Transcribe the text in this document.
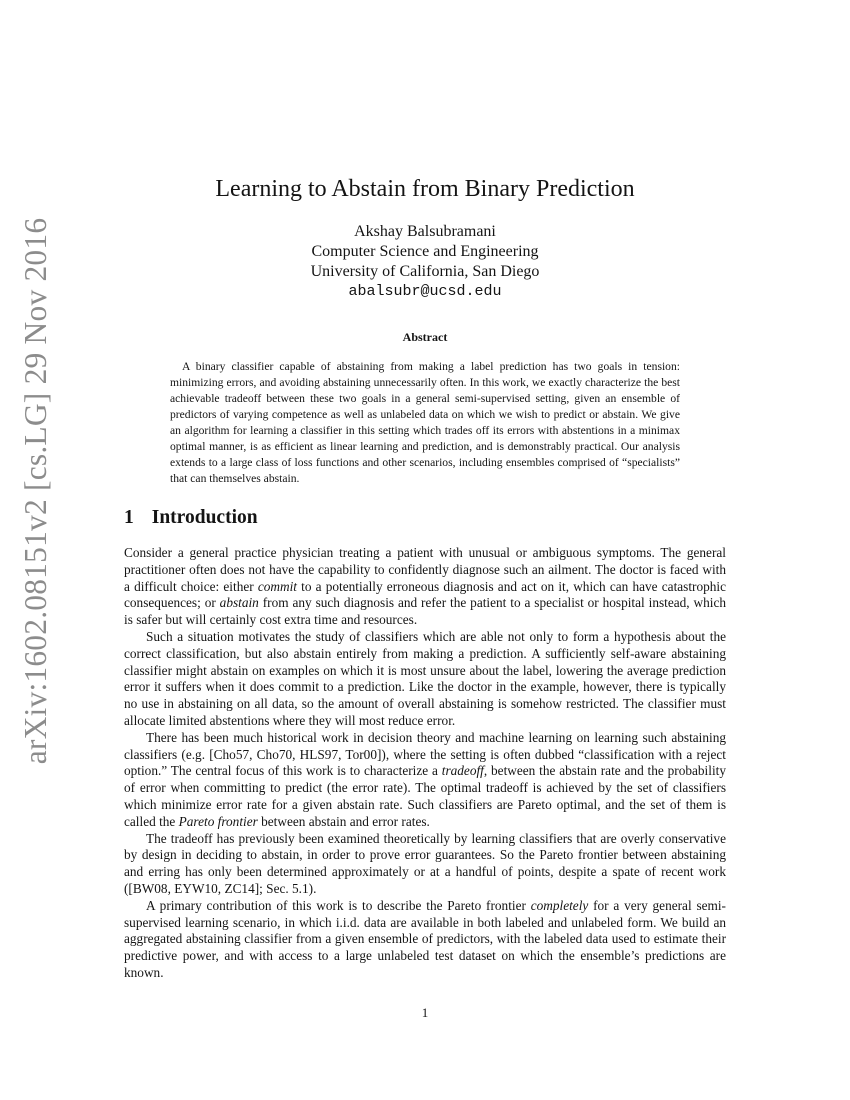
arXiv:1602.08151v2 [cs.LG] 29 Nov 2016
Learning to Abstain from Binary Prediction
Akshay Balsubramani
Computer Science and Engineering
University of California, San Diego
abalsubr@ucsd.edu
Abstract
A binary classifier capable of abstaining from making a label prediction has two goals in tension: minimizing errors, and avoiding abstaining unnecessarily often. In this work, we exactly characterize the best achievable tradeoff between these two goals in a general semi-supervised setting, given an ensemble of predictors of varying competence as well as unlabeled data on which we wish to predict or abstain. We give an algorithm for learning a classifier in this setting which trades off its errors with abstentions in a minimax optimal manner, is as efficient as linear learning and prediction, and is demonstrably practical. Our analysis extends to a large class of loss functions and other scenarios, including ensembles comprised of “specialists” that can themselves abstain.
1 Introduction

Consider a general practice physician treating a patient with unusual or ambiguous symptoms. The general practitioner often does not have the capability to confidently diagnose such an ailment. The doctor is faced with a difficult choice: either commit to a potentially erroneous diagnosis and act on it, which can have catastrophic consequences; or abstain from any such diagnosis and refer the patient to a specialist or hospital instead, which is safer but will certainly cost extra time and resources.

Such a situation motivates the study of classifiers which are able not only to form a hypothesis about the correct classification, but also abstain entirely from making a prediction. A sufficiently self-aware abstaining classifier might abstain on examples on which it is most unsure about the label, lowering the average prediction error it suffers when it does commit to a prediction. Like the doctor in the example, however, there is typically no use in abstaining on all data, so the amount of overall abstaining is somehow restricted. The classifier must allocate limited abstentions where they will most reduce error.

There has been much historical work in decision theory and machine learning on learning such abstaining classifiers (e.g. [Cho57, Cho70, HLS97, Tor00]), where the setting is often dubbed “classification with a reject option.” The central focus of this work is to characterize a tradeoff, between the abstain rate and the probability of error when committing to predict (the error rate). The optimal tradeoff is achieved by the set of classifiers which minimize error rate for a given abstain rate. Such classifiers are Pareto optimal, and the set of them is called the Pareto frontier between abstain and error rates.

The tradeoff has previously been examined theoretically by learning classifiers that are overly conservative by design in deciding to abstain, in order to prove error guarantees. So the Pareto frontier between abstaining and erring has only been determined approximately or at a handful of points, despite a spate of recent work ([BW08, EYW10, ZC14]; Sec. 5.1).

A primary contribution of this work is to describe the Pareto frontier completely for a very general semi-supervised learning scenario, in which i.i.d. data are available in both labeled and unlabeled form. We build an aggregated abstaining classifier from a given ensemble of predictors, with the labeled data used to estimate their predictive power, and with access to a large unlabeled test dataset on which the ensemble’s predictions are known.

1
